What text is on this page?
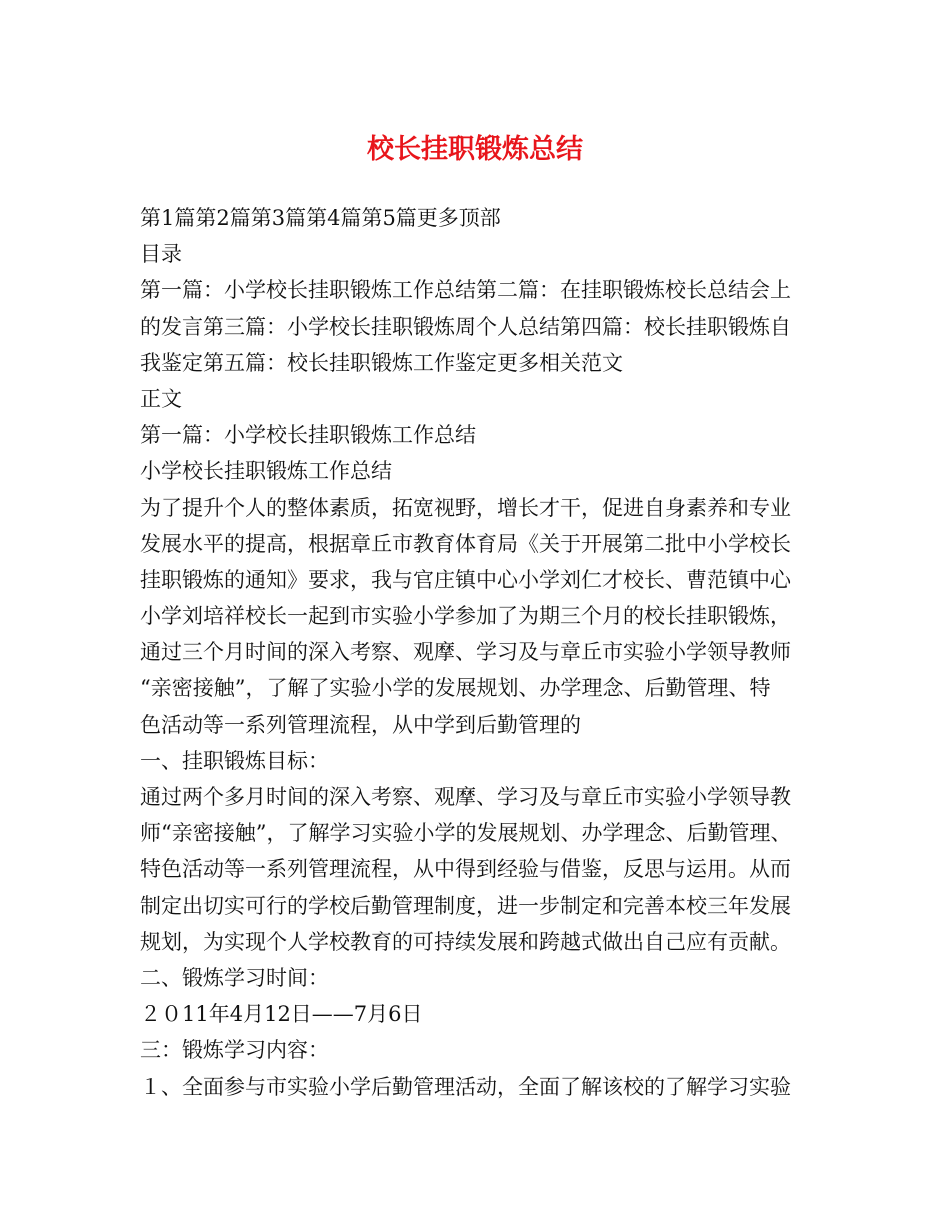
校长挂职锻炼总结
第1篇第2篇第3篇第4篇第5篇更多顶部
目录
第一篇：小学校长挂职锻炼工作总结第二篇：在挂职锻炼校长总结会上
的发言第三篇：小学校长挂职锻炼周个人总结第四篇：校长挂职锻炼自
我鉴定第五篇：校长挂职锻炼工作鉴定更多相关范文
正文
第一篇：小学校长挂职锻炼工作总结
小学校长挂职锻炼工作总结
为了提升个人的整体素质，拓宽视野，增长才干，促进自身素养和专业
发展水平的提高，根据章丘市教育体育局《关于开展第二批中小学校长
挂职锻炼的通知》要求，我与官庄镇中心小学刘仁才校长、曹范镇中心
小学刘培祥校长一起到市实验小学参加了为期三个月的校长挂职锻炼，
通过三个月时间的深入考察、观摩、学习及与章丘市实验小学领导教师
“亲密接触”，了解了实验小学的发展规划、办学理念、后勤管理、特
色活动等一系列管理流程，从中学到后勤管理的
一、挂职锻炼目标：
通过两个多月时间的深入考察、观摩、学习及与章丘市实验小学领导教
师“亲密接触”，了解学习实验小学的发展规划、办学理念、后勤管理、
特色活动等一系列管理流程，从中得到经验与借鉴，反思与运用。从而
制定出切实可行的学校后勤管理制度，进一步制定和完善本校三年发展
规划，为实现个人学校教育的可持续发展和跨越式做出自己应有贡献。
二、锻炼学习时间：
２０11年4月12日——7月6日
三：锻炼学习内容：
１、全面参与市实验小学后勤管理活动，全面了解该校的了解学习实验
